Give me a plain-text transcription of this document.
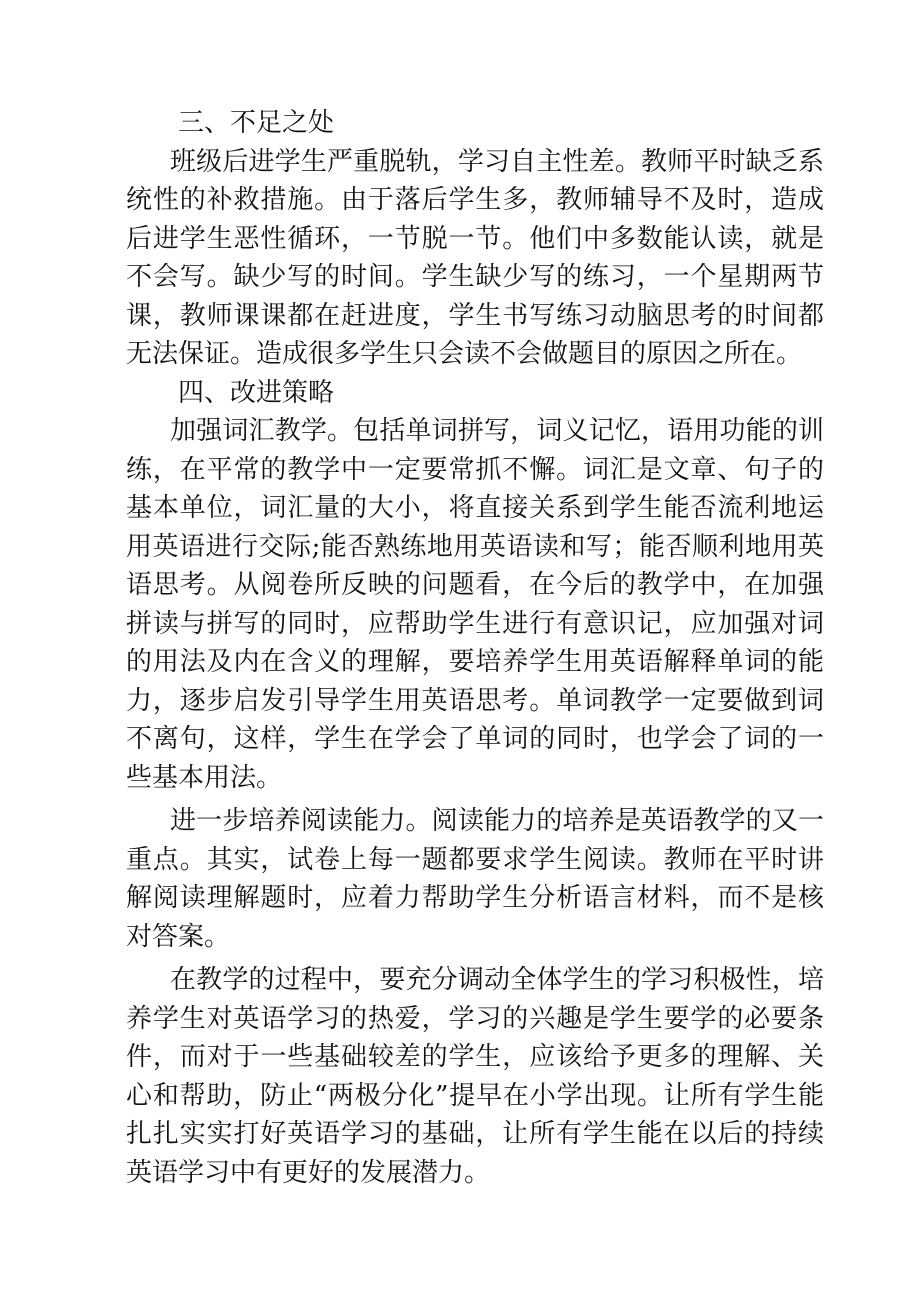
三、不足之处

班级后进学生严重脱轨，学习自主性差。教师平时缺乏系统性的补救措施。由于落后学生多，教师辅导不及时，造成后进学生恶性循环，一节脱一节。他们中多数能认读，就是不会写。缺少写的时间。学生缺少写的练习，一个星期两节课，教师课课都在赶进度，学生书写练习动脑思考的时间都无法保证。造成很多学生只会读不会做题目的原因之所在。

四、改进策略

加强词汇教学。包括单词拼写，词义记忆，语用功能的训练，在平常的教学中一定要常抓不懈。词汇是文章、句子的基本单位，词汇量的大小，将直接关系到学生能否流利地运用英语进行交际;能否熟练地用英语读和写；能否顺利地用英语思考。从阅卷所反映的问题看，在今后的教学中，在加强拼读与拼写的同时，应帮助学生进行有意识记，应加强对词的用法及内在含义的理解，要培养学生用英语解释单词的能力，逐步启发引导学生用英语思考。单词教学一定要做到词不离句，这样，学生在学会了单词的同时，也学会了词的一些基本用法。

进一步培养阅读能力。阅读能力的培养是英语教学的又一重点。其实，试卷上每一题都要求学生阅读。教师在平时讲解阅读理解题时，应着力帮助学生分析语言材料，而不是核对答案。

在教学的过程中，要充分调动全体学生的学习积极性，培养学生对英语学习的热爱，学习的兴趣是学生要学的必要条件，而对于一些基础较差的学生，应该给予更多的理解、关心和帮助，防止“两极分化”提早在小学出现。让所有学生能扎扎实实打好英语学习的基础，让所有学生能在以后的持续英语学习中有更好的发展潜力。
